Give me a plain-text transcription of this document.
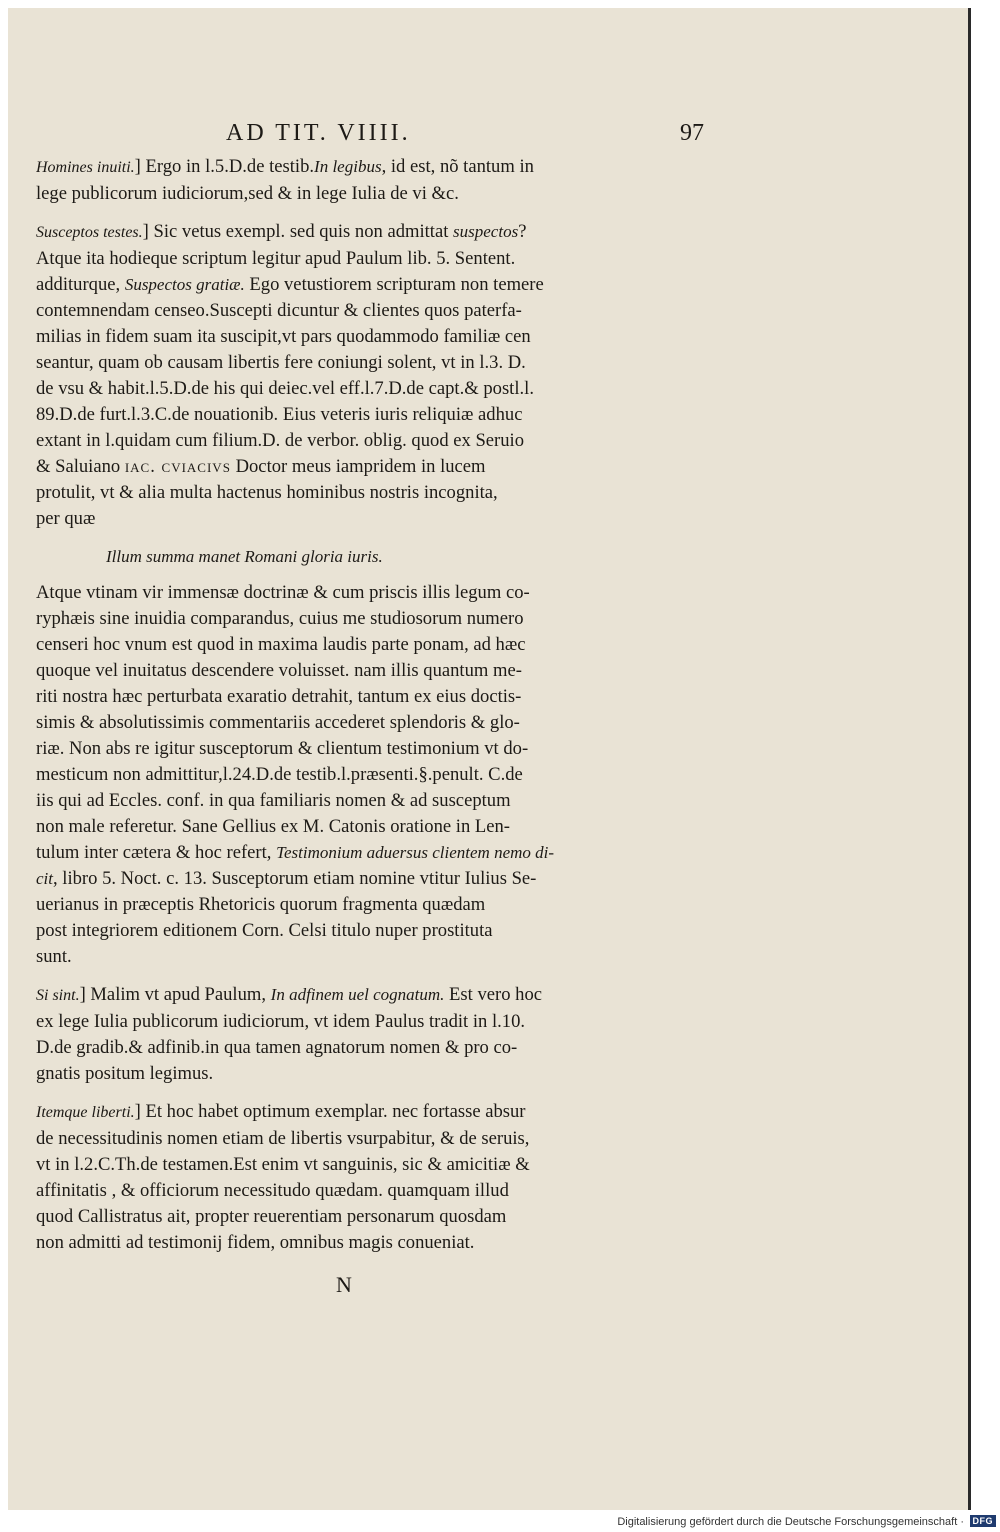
AD TIT. VIIII.	97

Homines inuiti.] Ergo in l.5.D.de testib.In legibus, id est, nõ tantum in
lege publicorum iudiciorum,sed & in lege Iulia de vi &c.

Susceptos testes.] Sic vetus exempl. sed quis non admittat suspectos?
Atque ita hodieque scriptum legitur apud Paulum lib. 5. Sentent.
additurque, Suspectos gratiæ. Ego vetustiorem scripturam non temere
contemnendam censeo.Suscepti dicuntur & clientes quos paterfa-
milias in fidem suam ita suscipit,vt pars quodammodo familiæ cen
seantur, quam ob causam libertis fere coniungi solent, vt in l.3. D.
de vsu & habit.l.5.D.de his qui deiec.vel eff.l.7.D.de capt.& postl.l.
89.D.de furt.l.3.C.de nouationib. Eius veteris iuris reliquiæ adhuc
extant in l.quidam cum filium.D. de verbor. oblig. quod ex Seruio
& Saluiano iac. cviacivs Doctor meus iampridem in lucem
protulit, vt & alia multa hactenus hominibus nostris incognita,
per quæ

Illum summa manet Romani gloria iuris.

Atque vtinam vir immensæ doctrinæ & cum priscis illis legum co-
ryphæis sine inuidia comparandus, cuius me studiosorum numero
censeri hoc vnum est quod in maxima laudis parte ponam, ad hæc
quoque vel inuitatus descendere voluisset. nam illis quantum me-
riti nostra hæc perturbata exaratio detrahit, tantum ex eius doctis-
simis & absolutissimis commentariis accederet splendoris & glo-
riæ. Non abs re igitur susceptorum & clientum testimonium vt do-
mesticum non admittitur,l.24.D.de testib.l.præsenti.§.penult. C.de
iis qui ad Eccles. conf. in qua familiaris nomen & ad susceptum
non male referetur. Sane Gellius ex M. Catonis oratione in Len-
tulum inter cætera & hoc refert, Testimonium aduersus clientem nemo di-
cit, libro 5. Noct. c. 13. Susceptorum etiam nomine vtitur Iulius Se-
uerianus in præceptis Rhetoricis quorum fragmenta quædam
post integriorem editionem Corn. Celsi titulo nuper prostituta
sunt.

Si sint.] Malim vt apud Paulum, In adfinem uel cognatum. Est vero hoc
ex lege Iulia publicorum iudiciorum, vt idem Paulus tradit in l.10.
D.de gradib.& adfinib.in qua tamen agnatorum nomen & pro co-
gnatis positum legimus.

Itemque liberti.] Et hoc habet optimum exemplar. nec fortasse absur
de necessitudinis nomen etiam de libertis vsurpabitur, & de seruis,
vt in l.2.C.Th.de testamen.Est enim vt sanguinis, sic & amicitiæ &
affinitatis , & officiorum necessitudo quædam. quamquam illud
quod Callistratus ait, propter reuerentiam personarum quosdam
non admitti ad testimonij fidem, omnibus magis conueniat.

N
Digitalisierung gefördert durch die Deutsche Forschungsgemeinschaft · DFG
